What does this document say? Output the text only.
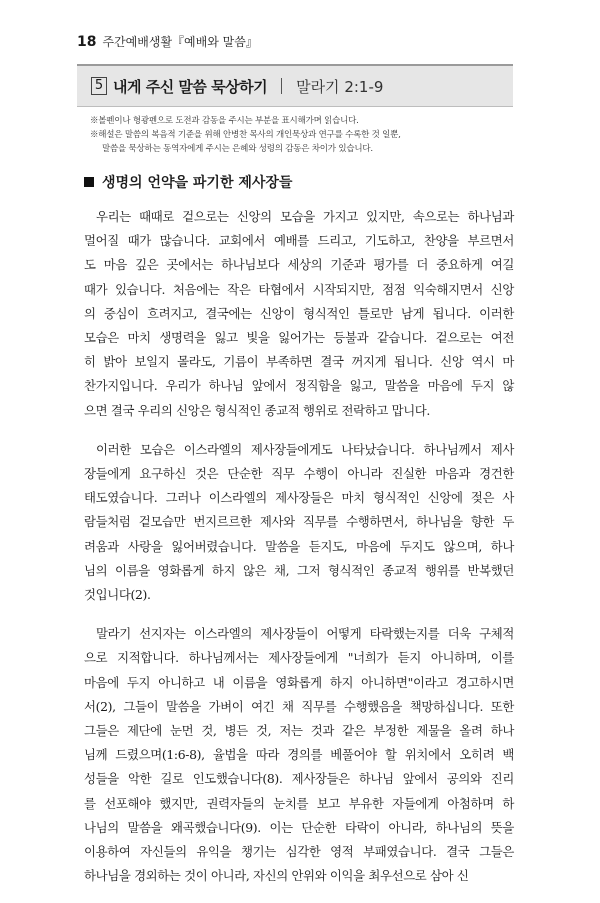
18 주간예배생활『예배와 말씀』
5 내게 주신 말씀 묵상하기 말라기 2:1-9
※볼펜이나 형광펜으로 도전과 감동을 주시는 부분을 표시해가며 읽습니다.
※해설은 말씀의 복음적 기준을 위해 안병찬 목사의 개인묵상과 연구를 수록한 것 일뿐,
말씀을 묵상하는 동역자에게 주시는 은혜와 성령의 감동은 차이가 있습니다.
생명의 언약을 파기한 제사장들
우리는 때때로 겉으로는 신앙의 모습을 가지고 있지만, 속으로는 하나님과
멀어질 때가 많습니다. 교회에서 예배를 드리고, 기도하고, 찬양을 부르면서
도 마음 깊은 곳에서는 하나님보다 세상의 기준과 평가를 더 중요하게 여길
때가 있습니다. 처음에는 작은 타협에서 시작되지만, 점점 익숙해지면서 신앙
의 중심이 흐려지고, 결국에는 신앙이 형식적인 틀로만 남게 됩니다. 이러한
모습은 마치 생명력을 잃고 빛을 잃어가는 등불과 같습니다. 겉으로는 여전
히 밝아 보일지 몰라도, 기름이 부족하면 결국 꺼지게 됩니다. 신앙 역시 마
찬가지입니다. 우리가 하나님 앞에서 정직함을 잃고, 말씀을 마음에 두지 않
으면 결국 우리의 신앙은 형식적인 종교적 행위로 전락하고 맙니다.
이러한 모습은 이스라엘의 제사장들에게도 나타났습니다. 하나님께서 제사
장들에게 요구하신 것은 단순한 직무 수행이 아니라 진실한 마음과 경건한
태도였습니다. 그러나 이스라엘의 제사장들은 마치 형식적인 신앙에 젖은 사
람들처럼 겉모습만 번지르르한 제사와 직무를 수행하면서, 하나님을 향한 두
려움과 사랑을 잃어버렸습니다. 말씀을 듣지도, 마음에 두지도 않으며, 하나
님의 이름을 영화롭게 하지 않은 채, 그저 형식적인 종교적 행위를 반복했던
것입니다(2).
말라기 선지자는 이스라엘의 제사장들이 어떻게 타락했는지를 더욱 구체적
으로 지적합니다. 하나님께서는 제사장들에게 "너희가 듣지 아니하며, 이를
마음에 두지 아니하고 내 이름을 영화롭게 하지 아니하면"이라고 경고하시면
서(2), 그들이 말씀을 가벼이 여긴 채 직무를 수행했음을 책망하십니다. 또한
그들은 제단에 눈먼 것, 병든 것, 저는 것과 같은 부정한 제물을 올려 하나
님께 드렸으며(1:6-8), 율법을 따라 경의를 베풀어야 할 위치에서 오히려 백
성들을 악한 길로 인도했습니다(8). 제사장들은 하나님 앞에서 공의와 진리
를 선포해야 했지만, 권력자들의 눈치를 보고 부유한 자들에게 아첨하며 하
나님의 말씀을 왜곡했습니다(9). 이는 단순한 타락이 아니라, 하나님의 뜻을
이용하여 자신들의 유익을 챙기는 심각한 영적 부패였습니다. 결국 그들은
하나님을 경외하는 것이 아니라, 자신의 안위와 이익을 최우선으로 삼아 신
